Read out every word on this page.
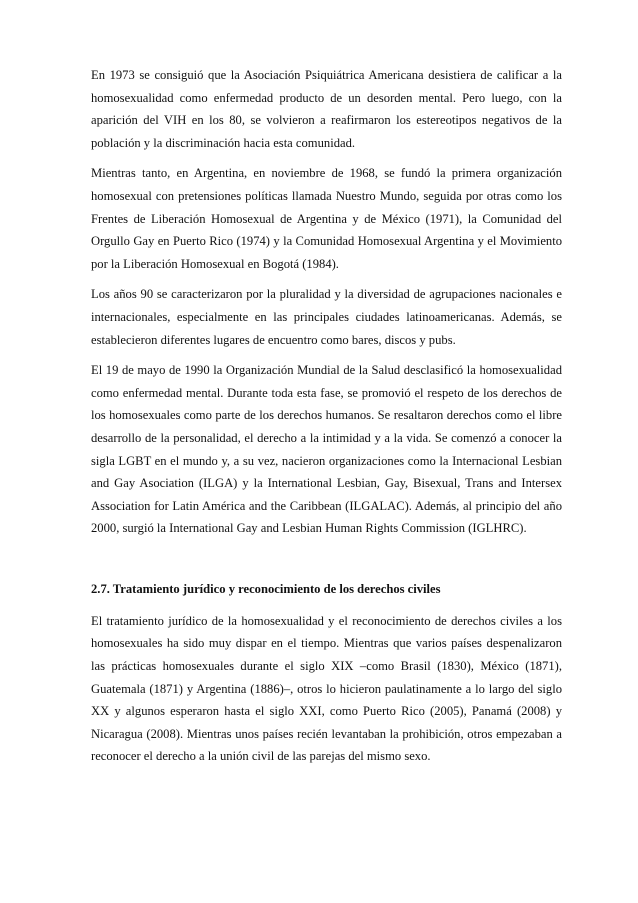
En 1973 se consiguió que la Asociación Psiquiátrica Americana desistiera de calificar a la homosexualidad como enfermedad producto de un desorden mental. Pero luego, con la aparición del VIH en los 80, se volvieron a reafirmaron los estereotipos negativos de la población y la discriminación hacia esta comunidad.

Mientras tanto, en Argentina, en noviembre de 1968, se fundó la primera organización homosexual con pretensiones políticas llamada Nuestro Mundo, seguida por otras como los Frentes de Liberación Homosexual de Argentina y de México (1971), la Comunidad del Orgullo Gay en Puerto Rico (1974) y la Comunidad Homosexual Argentina y el Movimiento por la Liberación Homosexual en Bogotá (1984).

Los años 90 se caracterizaron por la pluralidad y la diversidad de agrupaciones nacionales e internacionales, especialmente en las principales ciudades latinoamericanas. Además, se establecieron diferentes lugares de encuentro como bares, discos y pubs.

El 19 de mayo de 1990 la Organización Mundial de la Salud desclasificó la homosexualidad como enfermedad mental. Durante toda esta fase, se promovió el respeto de los derechos de los homosexuales como parte de los derechos humanos. Se resaltaron derechos como el libre desarrollo de la personalidad, el derecho a la intimidad y a la vida. Se comenzó a conocer la sigla LGBT en el mundo y, a su vez, nacieron organizaciones como la Internacional Lesbian and Gay Asociation (ILGA) y la International Lesbian, Gay, Bisexual, Trans and Intersex Association for Latin América and the Caribbean (ILGALAC). Además, al principio del año 2000, surgió la International Gay and Lesbian Human Rights Commission (IGLHRC).

2.7. Tratamiento jurídico y reconocimiento de los derechos civiles

El tratamiento jurídico de la homosexualidad y el reconocimiento de derechos civiles a los homosexuales ha sido muy dispar en el tiempo. Mientras que varios países despenalizaron las prácticas homosexuales durante el siglo XIX –como Brasil (1830), México (1871), Guatemala (1871) y Argentina (1886)–, otros lo hicieron paulatinamente a lo largo del siglo XX y algunos esperaron hasta el siglo XXI, como Puerto Rico (2005), Panamá (2008) y Nicaragua (2008). Mientras unos países recién levantaban la prohibición, otros empezaban a reconocer el derecho a la unión civil de las parejas del mismo sexo.
